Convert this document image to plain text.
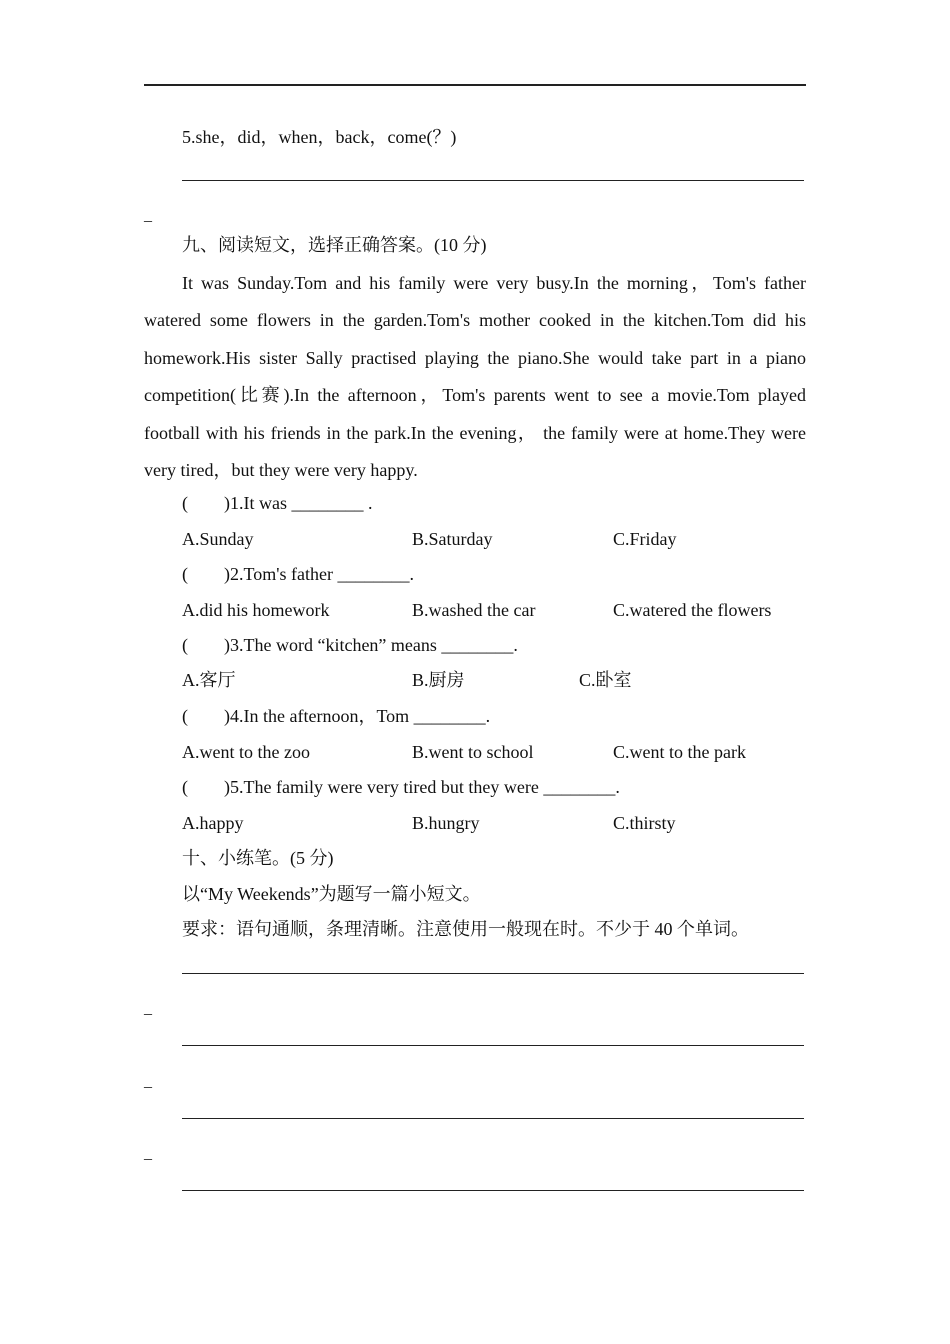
5.she，did，when，back，come(？)
_
九、阅读短文，选择正确答案。(10 分)
It was Sunday.Tom and his family were very busy.In the morning，Tom's father watered some flowers in the garden.Tom's mother cooked in the kitchen.Tom did his homework.His sister Sally practised playing the piano.She would take part in a piano competition(比赛).In the afternoon，Tom's parents went to see a movie.Tom played football with his friends in the park.In the evening， the family were at home.They were very tired，but they were very happy.
(　　)1.It was ________ .
A.Sunday	B.Saturday	C.Friday
(　　)2.Tom's father ________.
A.did his homework	B.washed the car	C.watered the flowers
(　　)3.The word “kitchen” means ________.
A.客厅	B.厨房	C.卧室
(　　)4.In the afternoon，Tom ________.
A.went to the zoo	B.went to school	C.went to the park
(　　)5.The family were very tired but they were ________.
A.happy	B.hungry	C.thirsty
十、小练笔。(5 分)
以“My Weekends”为题写一篇小短文。
要求：语句通顺，条理清晰。注意使用一般现在时。不少于 40 个单词。
_
_
_
